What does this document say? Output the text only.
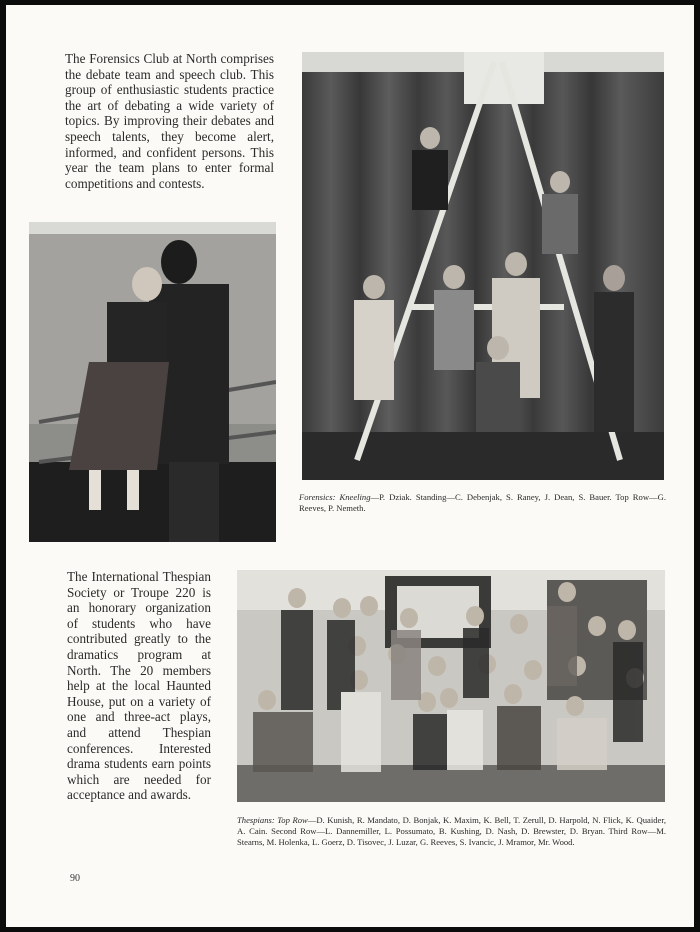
The Forensics Club at North comprises the debate team and speech club. This group of enthusiastic students practice the art of debating a wide variety of topics. By improving their debates and speech talents, they become alert, informed, and confident persons. This year the team plans to enter formal competitions and contests.

Forensics: Kneeling—P. Dziak. Standing—C. Debenjak, S. Raney, J. Dean, S. Bauer. Top Row—G. Reeves, P. Nemeth.

The International Thespian Society or Troupe 220 is an honorary organization of students who have contributed greatly to the dramatics program at North. The 20 members help at the local Haunted House, put on a variety of one and three-act plays, and attend Thespian conferences. Interested drama students earn points which are needed for acceptance and awards.

Thespians: Top Row—D. Kunish, R. Mandato, D. Bonjak, K. Maxim, K. Bell, T. Zerull, D. Harpold, N. Flick, K. Quaider, A. Cain. Second Row—L. Dannemiller, L. Possumato, B. Kushing, D. Nash, D. Brewster, D. Bryan. Third Row—M. Stearns, M. Holenka, L. Goerz, D. Tisovec, J. Luzar, G. Reeves, S. Ivancic, J. Mramor, Mr. Wood.

90
